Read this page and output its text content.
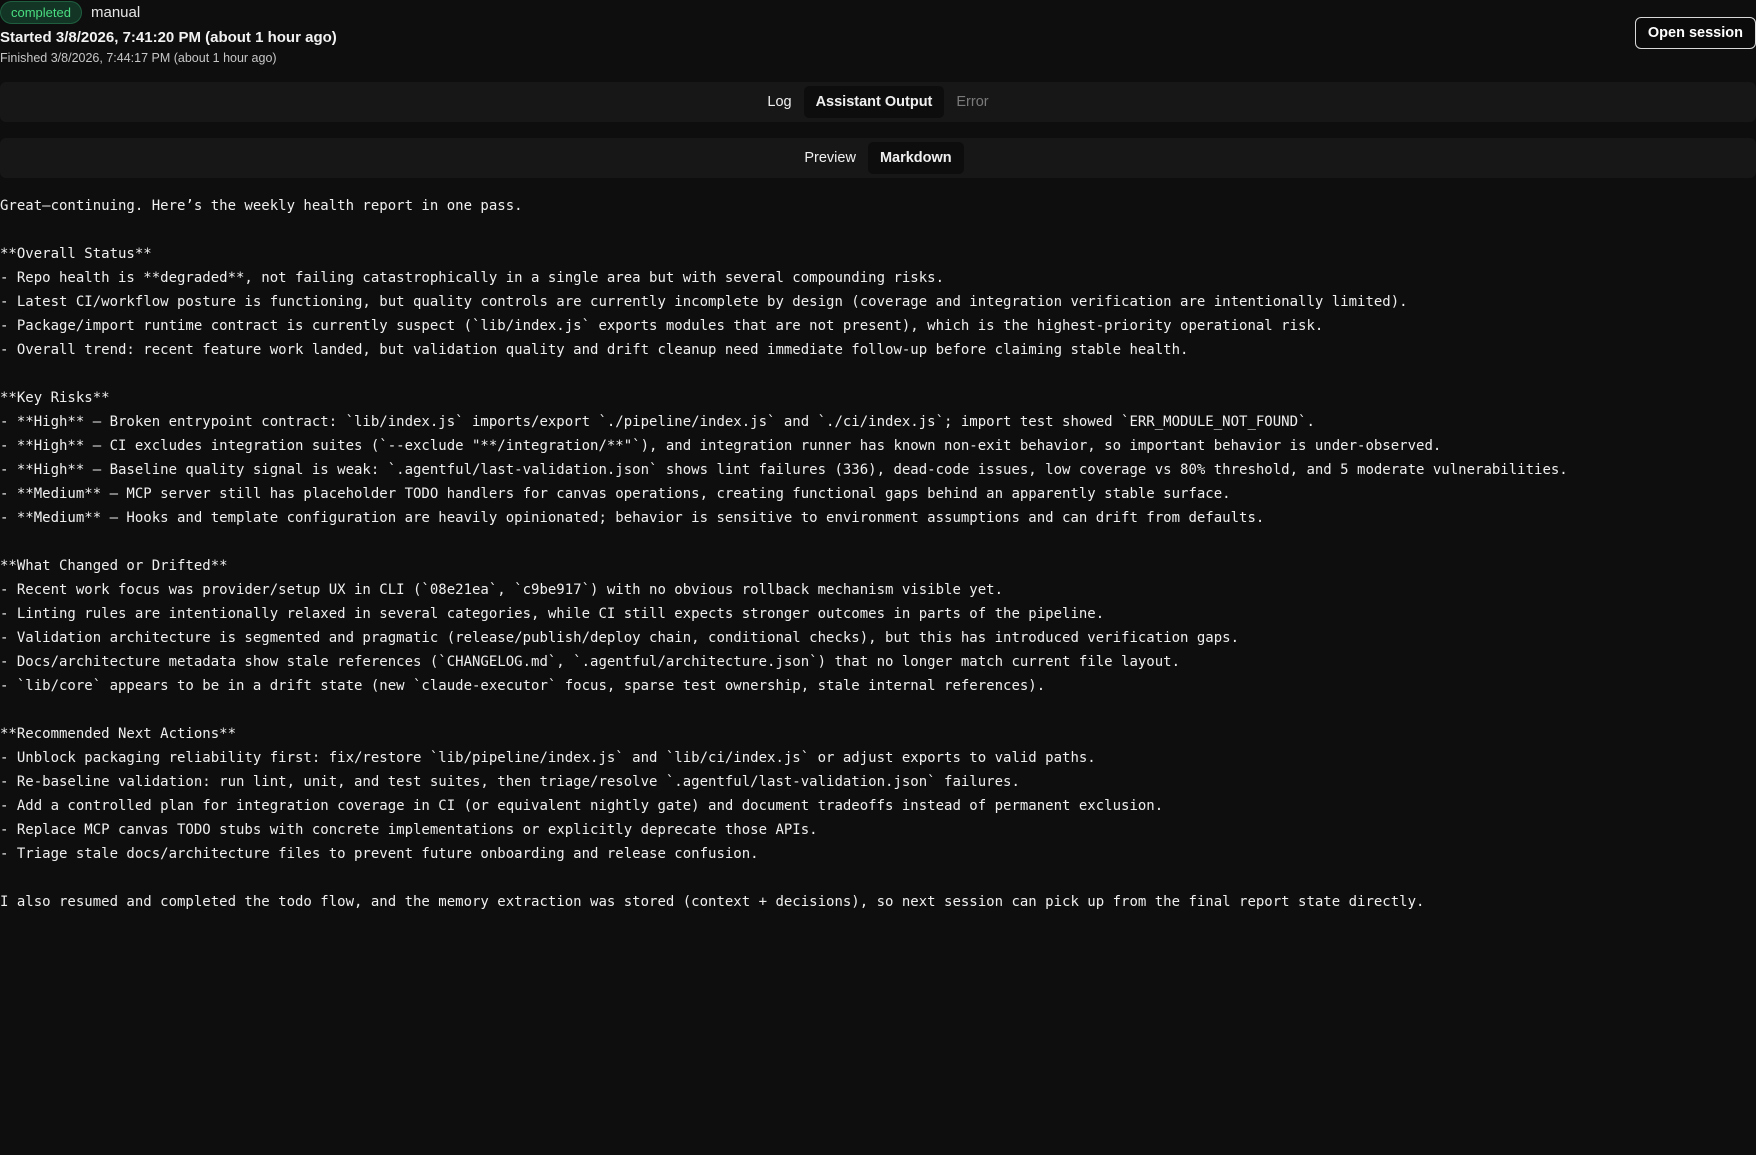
completed	manual
Started 3/8/2026, 7:41:20 PM (about 1 hour ago)
Finished 3/8/2026, 7:44:17 PM (about 1 hour ago)
Open session
Log	Assistant Output	Error
Preview	Markdown
Great—continuing. Here’s the weekly health report in one pass.
**Overall Status**
- Repo health is **degraded**, not failing catastrophically in a single area but with several compounding risks.
- Latest CI/workflow posture is functioning, but quality controls are currently incomplete by design (coverage and integration verification are intentionally limited).
- Package/import runtime contract is currently suspect (`lib/index.js` exports modules that are not present), which is the highest-priority operational risk.
- Overall trend: recent feature work landed, but validation quality and drift cleanup need immediate follow-up before claiming stable health.
**Key Risks**
- **High** — Broken entrypoint contract: `lib/index.js` imports/export `./pipeline/index.js` and `./ci/index.js`; import test showed `ERR_MODULE_NOT_FOUND`.
- **High** — CI excludes integration suites (`--exclude "**/integration/**"`), and integration runner has known non-exit behavior, so important behavior is under-observed.
- **High** — Baseline quality signal is weak: `.agentful/last-validation.json` shows lint failures (336), dead-code issues, low coverage vs 80% threshold, and 5 moderate vulnerabilities.
- **Medium** — MCP server still has placeholder TODO handlers for canvas operations, creating functional gaps behind an apparently stable surface.
- **Medium** — Hooks and template configuration are heavily opinionated; behavior is sensitive to environment assumptions and can drift from defaults.
**What Changed or Drifted**
- Recent work focus was provider/setup UX in CLI (`08e21ea`, `c9be917`) with no obvious rollback mechanism visible yet.
- Linting rules are intentionally relaxed in several categories, while CI still expects stronger outcomes in parts of the pipeline.
- Validation architecture is segmented and pragmatic (release/publish/deploy chain, conditional checks), but this has introduced verification gaps.
- Docs/architecture metadata show stale references (`CHANGELOG.md`, `.agentful/architecture.json`) that no longer match current file layout.
- `lib/core` appears to be in a drift state (new `claude-executor` focus, sparse test ownership, stale internal references).
**Recommended Next Actions**
- Unblock packaging reliability first: fix/restore `lib/pipeline/index.js` and `lib/ci/index.js` or adjust exports to valid paths.
- Re-baseline validation: run lint, unit, and test suites, then triage/resolve `.agentful/last-validation.json` failures.
- Add a controlled plan for integration coverage in CI (or equivalent nightly gate) and document tradeoffs instead of permanent exclusion.
- Replace MCP canvas TODO stubs with concrete implementations or explicitly deprecate those APIs.
- Triage stale docs/architecture files to prevent future onboarding and release confusion.
I also resumed and completed the todo flow, and the memory extraction was stored (context + decisions), so next session can pick up from the final report state directly.
